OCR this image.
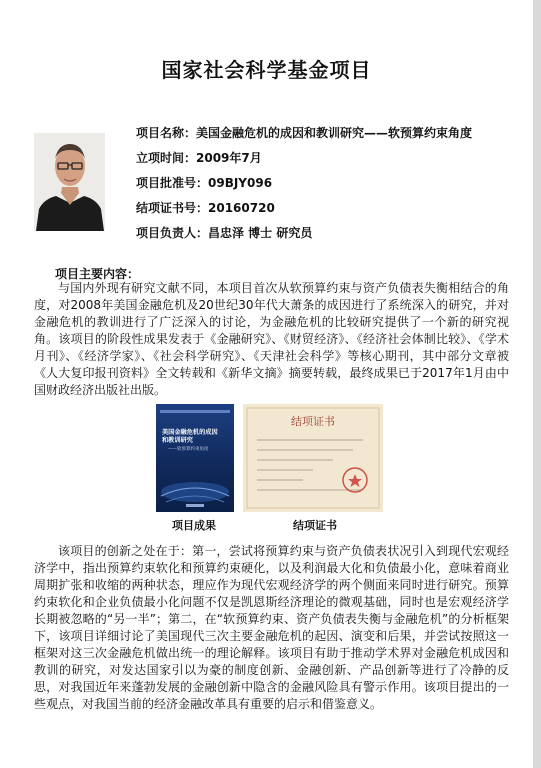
国家社会科学基金项目
项目名称：美国金融危机的成因和教训研究——软预算约束角度
立项时间：2009年7月
项目批准号：09BJY096
结项证书号：20160720
项目负责人：昌忠泽 博士 研究员
项目主要内容：

与国内外现有研究文献不同，本项目首次从软预算约束与资产负债表失衡相结合的角度，对2008年美国金融危机及20世纪30年代大萧条的成因进行了系统深入的研究，并对金融危机的教训进行了广泛深入的讨论，为金融危机的比较研究提供了一个新的研究视角。该项目的阶段性成果发表于《金融研究》、《财贸经济》、《经济社会体制比较》、《学术月刊》、《经济学家》、《社会科学研究》、《天津社会科学》等核心期刊，其中部分文章被《人大复印报刊资料》全文转载和《新华文摘》摘要转载，最终成果已于2017年1月由中国财政经济出版社出版。

美国金融危机的成因
和教训研究
——软预算约束角度
结项证书
项目成果	结项证书

该项目的创新之处在于：第一，尝试将预算约束与资产负债表状况引入到现代宏观经济学中，指出预算约束软化和预算约束硬化，以及利润最大化和负债最小化，意味着商业周期扩张和收缩的两种状态，理应作为现代宏观经济学的两个侧面来同时进行研究。预算约束软化和企业负债最小化问题不仅是凯恩斯经济理论的微观基础，同时也是宏观经济学长期被忽略的“另一半”；第二，在“软预算约束、资产负债表失衡与金融危机”的分析框架下，该项目详细讨论了美国现代三次主要金融危机的起因、演变和后果，并尝试按照这一框架对这三次金融危机做出统一的理论解释。该项目有助于推动学术界对金融危机成因和教训的研究，对发达国家引以为豪的制度创新、金融创新、产品创新等进行了冷静的反思，对我国近年来蓬勃发展的金融创新中隐含的金融风险具有警示作用。该项目提出的一些观点，对我国当前的经济金融改革具有重要的启示和借鉴意义。
